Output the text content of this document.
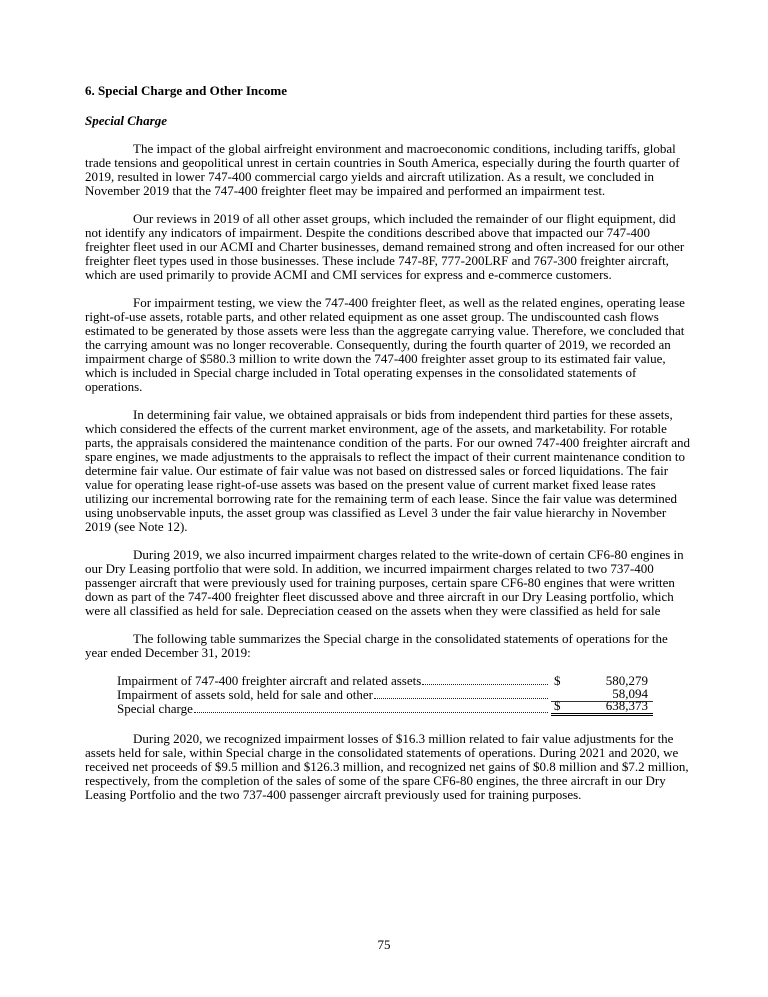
6. Special Charge and Other Income
Special Charge

The impact of the global airfreight environment and macroeconomic conditions, including tariffs, global trade tensions and geopolitical unrest in certain countries in South America, especially during the fourth quarter of 2019, resulted in lower 747-400 commercial cargo yields and aircraft utilization. As a result, we concluded in November 2019 that the 747-400 freighter fleet may be impaired and performed an impairment test.

Our reviews in 2019 of all other asset groups, which included the remainder of our flight equipment, did not identify any indicators of impairment. Despite the conditions described above that impacted our 747-400 freighter fleet used in our ACMI and Charter businesses, demand remained strong and often increased for our other freighter fleet types used in those businesses. These include 747-8F, 777-200LRF and 767-300 freighter aircraft, which are used primarily to provide ACMI and CMI services for express and e-commerce customers.

For impairment testing, we view the 747-400 freighter fleet, as well as the related engines, operating lease right-of-use assets, rotable parts, and other related equipment as one asset group. The undiscounted cash flows estimated to be generated by those assets were less than the aggregate carrying value. Therefore, we concluded that the carrying amount was no longer recoverable. Consequently, during the fourth quarter of 2019, we recorded an impairment charge of $580.3 million to write down the 747-400 freighter asset group to its estimated fair value, which is included in Special charge included in Total operating expenses in the consolidated statements of operations.

In determining fair value, we obtained appraisals or bids from independent third parties for these assets, which considered the effects of the current market environment, age of the assets, and marketability. For rotable parts, the appraisals considered the maintenance condition of the parts. For our owned 747-400 freighter aircraft and spare engines, we made adjustments to the appraisals to reflect the impact of their current maintenance condition to determine fair value. Our estimate of fair value was not based on distressed sales or forced liquidations. The fair value for operating lease right-of-use assets was based on the present value of current market fixed lease rates utilizing our incremental borrowing rate for the remaining term of each lease. Since the fair value was determined using unobservable inputs, the asset group was classified as Level 3 under the fair value hierarchy in November 2019 (see Note 12).

During 2019, we also incurred impairment charges related to the write-down of certain CF6-80 engines in our Dry Leasing portfolio that were sold. In addition, we incurred impairment charges related to two 737-400 passenger aircraft that were previously used for training purposes, certain spare CF6-80 engines that were written down as part of the 747-400 freighter fleet discussed above and three aircraft in our Dry Leasing portfolio, which were all classified as held for sale. Depreciation ceased on the assets when they were classified as held for sale

The following table summarizes the Special charge in the consolidated statements of operations for the year ended December 31, 2019:

Impairment of 747-400 freighter aircraft and related assets	$	580,279
Impairment of assets sold, held for sale and other	58,094
Special charge	$	638,373

During 2020, we recognized impairment losses of $16.3 million related to fair value adjustments for the assets held for sale, within Special charge in the consolidated statements of operations. During 2021 and 2020, we received net proceeds of $9.5 million and $126.3 million, and recognized net gains of $0.8 million and $7.2 million, respectively, from the completion of the sales of some of the spare CF6-80 engines, the three aircraft in our Dry Leasing Portfolio and the two 737-400 passenger aircraft previously used for training purposes.

75
